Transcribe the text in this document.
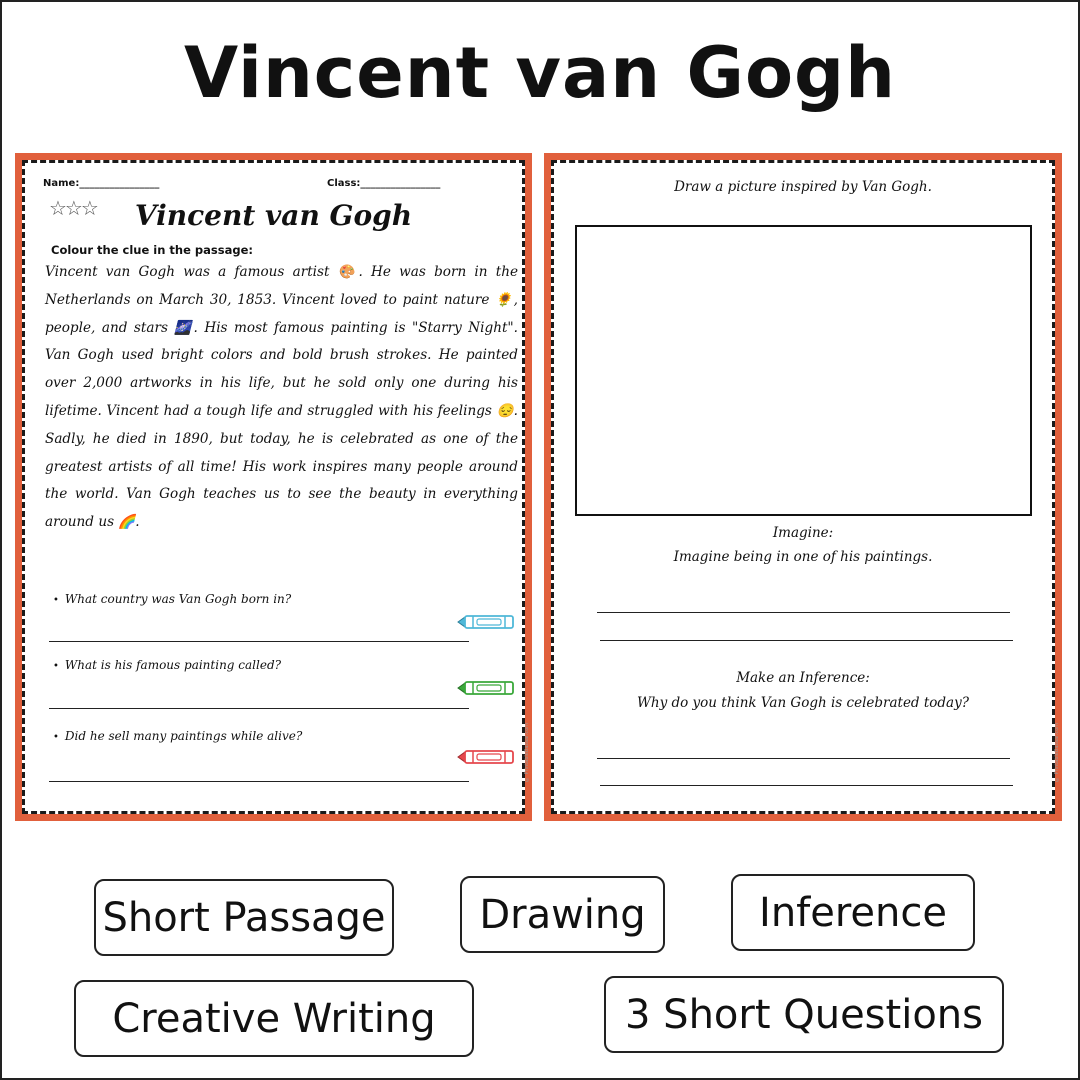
Vincent van Gogh
Name:________________	Class:________________
☆☆☆	Vincent van Gogh
Colour the clue in the passage:
Vincent van Gogh was a famous artist 🎨. He was born in the Netherlands on March 30, 1853. Vincent loved to paint nature 🌻, people, and stars 🌌. His most famous painting is "Starry Night". Van Gogh used bright colors and bold brush strokes. He painted over 2,000 artworks in his life, but he sold only one during his lifetime. Vincent had a tough life and struggled with his feelings 😔. Sadly, he died in 1890, but today, he is celebrated as one of the greatest artists of all time! His work inspires many people around the world. Van Gogh teaches us to see the beauty in everything around us 🌈.
• What country was Van Gogh born in?
• What is his famous painting called?
• Did he sell many paintings while alive?	© PrintableBazaar.com
Draw a picture inspired by Van Gogh.
Imagine:
Imagine being in one of his paintings.
Make an Inference:
Why do you think Van Gogh is celebrated today?
© PrintableBazaar.com
Short Passage	Drawing	Inference
Creative Writing	3 Short Questions
